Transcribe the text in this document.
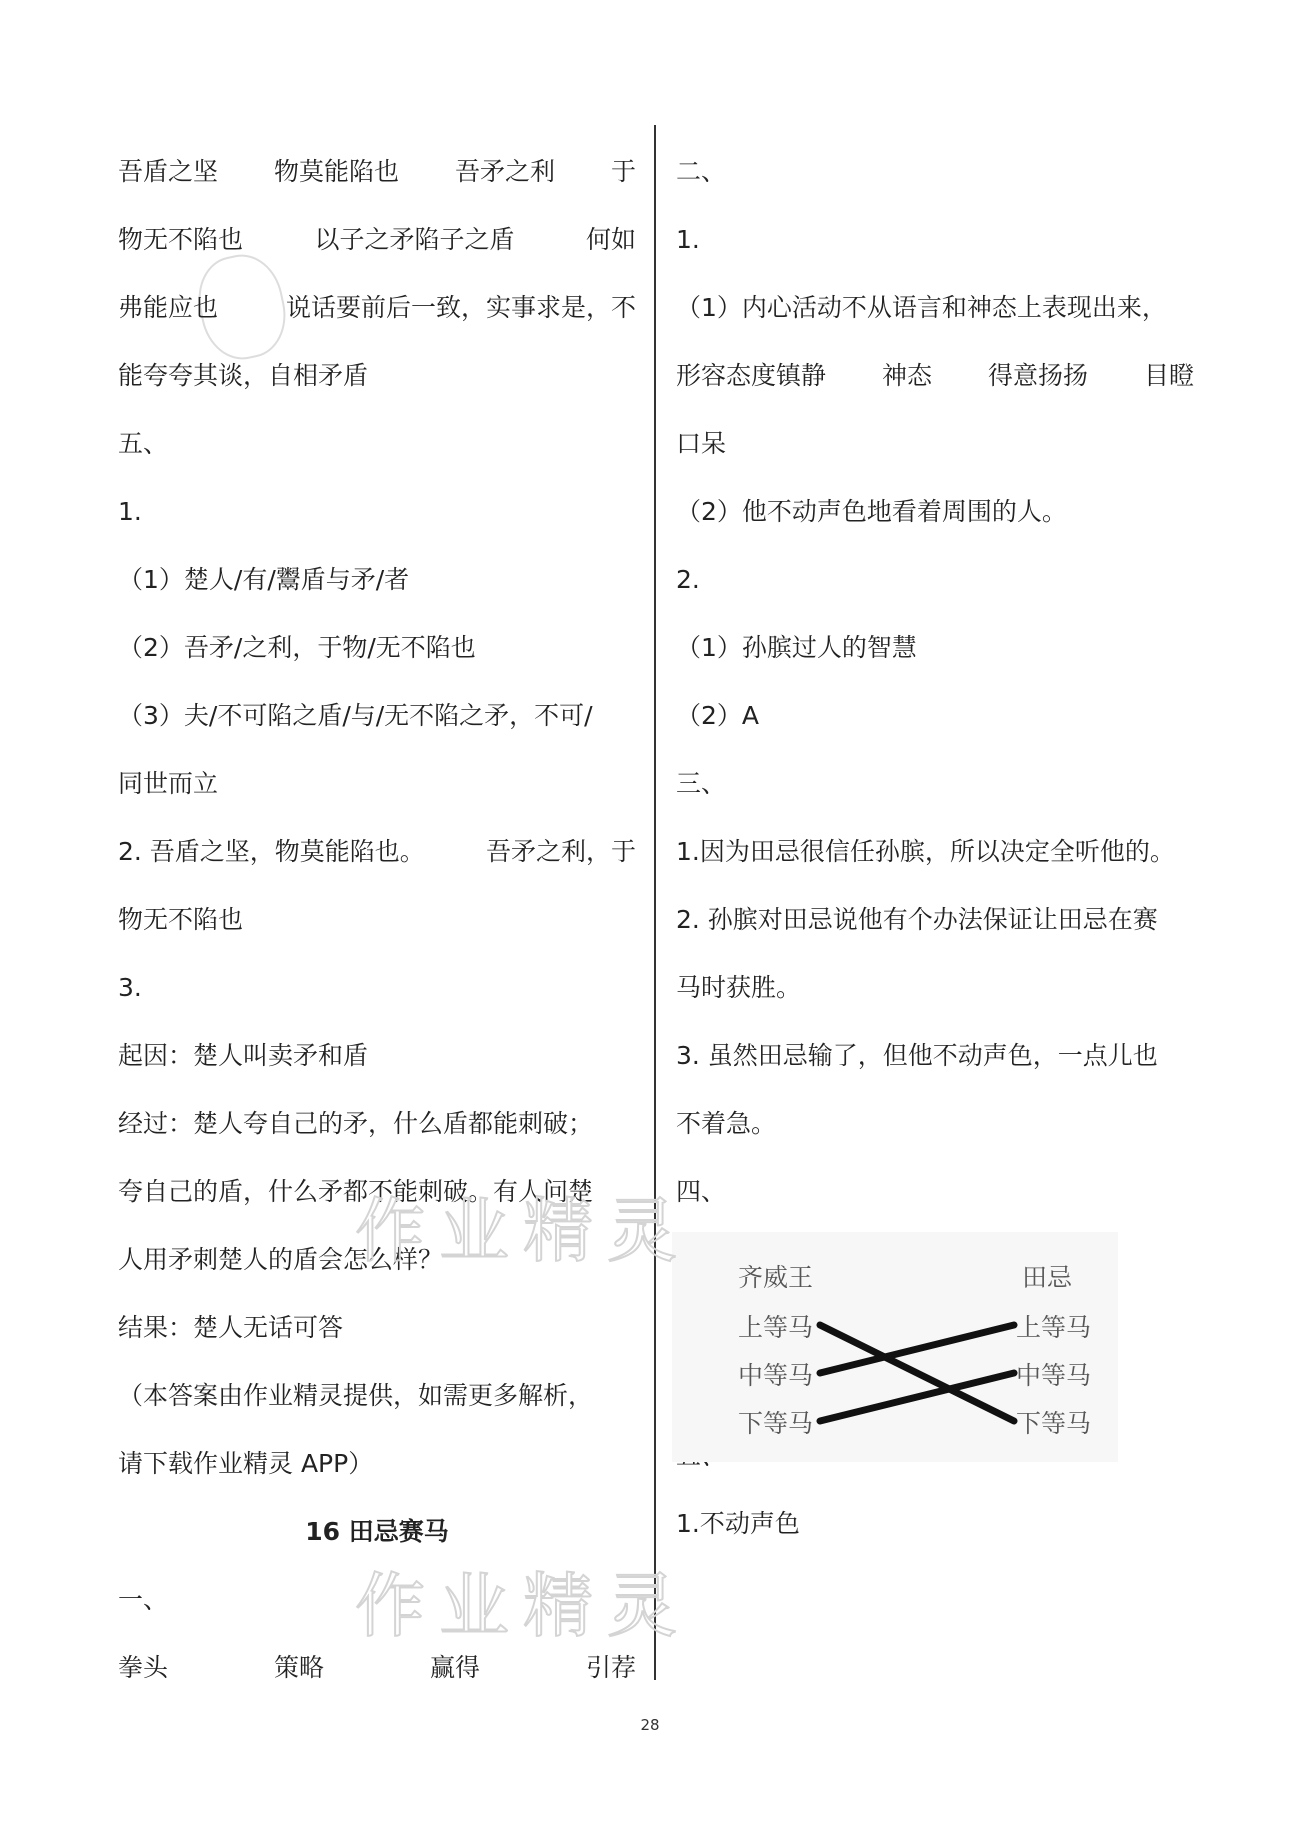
吾盾之坚 物莫能陷也 吾矛之利 于
物无不陷也	以子之矛陷子之盾	何如
弗能应也	说话要前后一致，实事求是，不
能夸夸其谈，自相矛盾
五、
1.
（1）楚人/有/鬻盾与矛/者
（2）吾矛/之利，于物/无不陷也
（3）夫/不可陷之盾/与/无不陷之矛，不可/
同世而立
2. 吾盾之坚，物莫能陷也。 吾矛之利，于
物无不陷也
3.
起因：楚人叫卖矛和盾
经过：楚人夸自己的矛，什么盾都能刺破；
夸自己的盾，什么矛都不能刺破。有人问楚
人用矛刺楚人的盾会怎么样？
结果：楚人无话可答
（本答案由作业精灵提供，如需更多解析，
请下载作业精灵 APP）
16 田忌赛马
一、
拳头	策略	赢得	引荐
二、
1.
（1）内心活动不从语言和神态上表现出来，
形容态度镇静 神态 得意扬扬 目瞪
口呆
（2）他不动声色地看着周围的人。
2.
（1）孙膑过人的智慧
（2）A
三、
1.因为田忌很信任孙膑，所以决定全听他的。
2. 孙膑对田忌说他有个办法保证让田忌在赛
马时获胜。
3. 虽然田忌输了，但他不动声色，一点儿也
不着急。
四、
1.不动声色
齐威王	田忌
上等马
中等马
下等马
上等马
中等马
下等马
作业精灵
作业精灵
28
